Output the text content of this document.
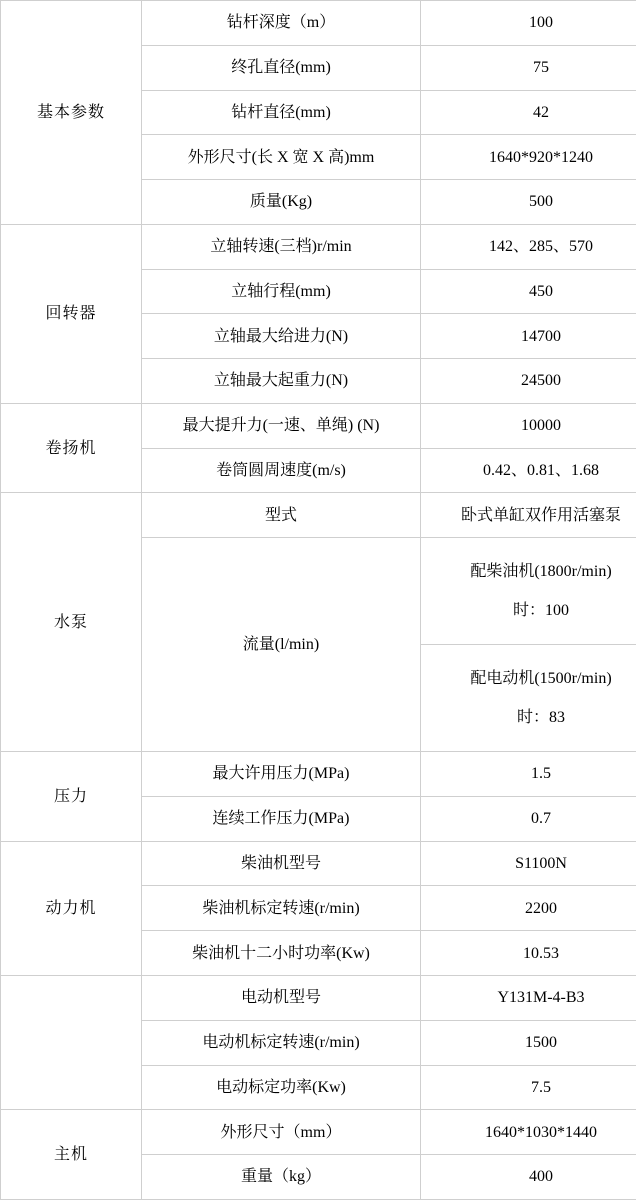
基本参数	钻杆深度（m）	100
	终孔直径(mm)	75
	钻杆直径(mm)	42
	外形尺寸(长 X 宽 X 高)mm	1640*920*1240
	质量(Kg)	500
回转器	立轴转速(三档)r/min	142、285、570
	立轴行程(mm)	450
	立轴最大给进力(N)	14700
	立轴最大起重力(N)	24500
卷扬机	最大提升力(一速、单绳) (N)	10000
	卷筒圆周速度(m/s)	0.42、0.81、1.68
水泵	型式	卧式单缸双作用活塞泵
	流量(l/min)	配柴油机(1800r/min)
时：100

		配电动机(1500r/min)
时：83

压力	最大许用压力(MPa)	1.5
	连续工作压力(MPa)	0.7
动力机	柴油机型号	S1100N
	柴油机标定转速(r/min)	2200
	柴油机十二小时功率(Kw)	10.53
	电动机型号	Y131M-4-B3
	电动机标定转速(r/min)	1500
	电动标定功率(Kw)	7.5
主机	外形尺寸（mm）	1640*1030*1440
	重量（kg）	400
